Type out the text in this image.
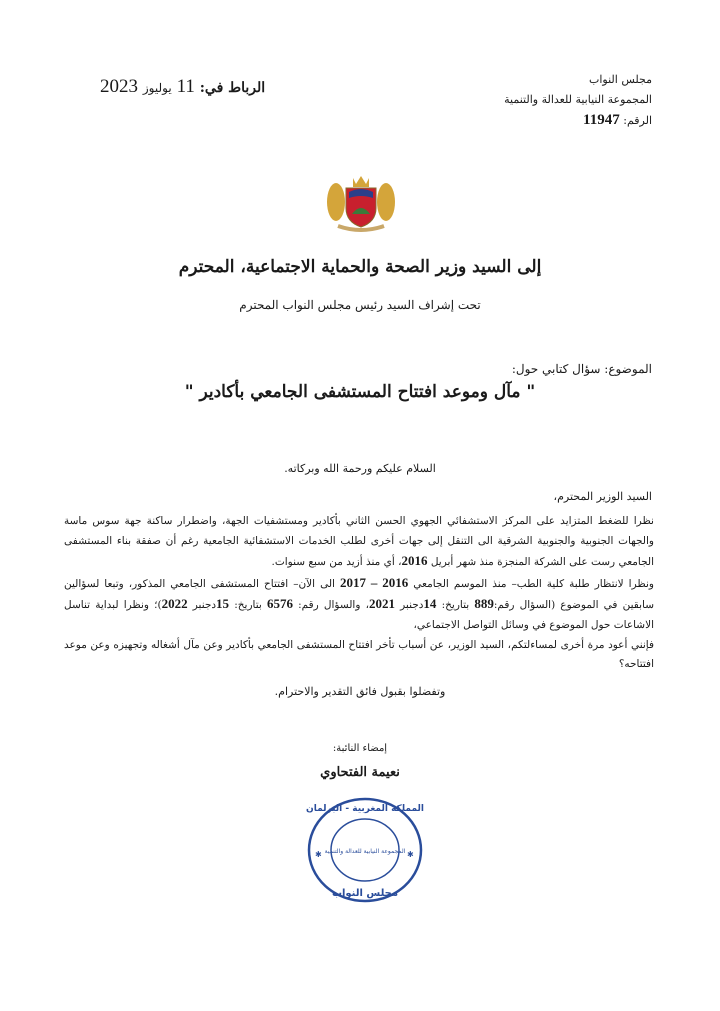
مجلس النواب
المجموعة النيابية للعدالة والتنمية
الرقم: 11947
الرباط في: 11 يوليوز 2023
إلى السيد وزير الصحة والحماية الاجتماعية، المحترم
تحت إشراف السيد رئيس مجلس النواب المحترم
الموضوع: سؤال كتابي حول:
" مآل وموعد افتتاح المستشفى الجامعي بأكادير "
السلام عليكم ورحمة الله وبركاته.
السيد الوزير المحترم،

نظرا للضغط المتزايد على المركز الاستشفائي الجهوي الحسن الثاني بأكادير ومستشفيات الجهة، واضطرار ساكنة جهة سوس ماسة والجهات الجنوبية والجنوبية الشرقية الى التنقل إلى جهات أخرى لطلب الخدمات الاستشفائية الجامعية رغم أن صفقة بناء المستشفى الجامعي رست على الشركة المنجزة منذ شهر أبريل 2016، أي منذ أزيد من سبع سنوات.

ونظرا لانتظار طلبة كلية الطب– منذ الموسم الجامعي 2016 – 2017 الى الآن– افتتاح المستشفى الجامعي المذكور، وتبعا لسؤالين سابقين في الموضوع (السؤال رقم:889 بتاريخ: 14دجنبر 2021، والسؤال رقم: 6576 بتاريخ: 15دجنبر 2022)؛ ونظرا لبداية تناسل الاشاعات حول الموضوع في وسائل التواصل الاجتماعي،

فإنني أعود مرة أخرى لمساءلتكم، السيد الوزير، عن أسباب تأخر افتتاح المستشفى الجامعي بأكادير وعن مآل أشغاله وتجهيزه وعن موعد افتتاحه؟

وتفضلوا بقبول فائق التقدير والاحترام.
إمضاء النائبة:
نعيمة الفتحاوي
المملكة المغربية - البرلمان
مجلس النواب
المجموعة النيابية للعدالة والتنمية
✱	✱
